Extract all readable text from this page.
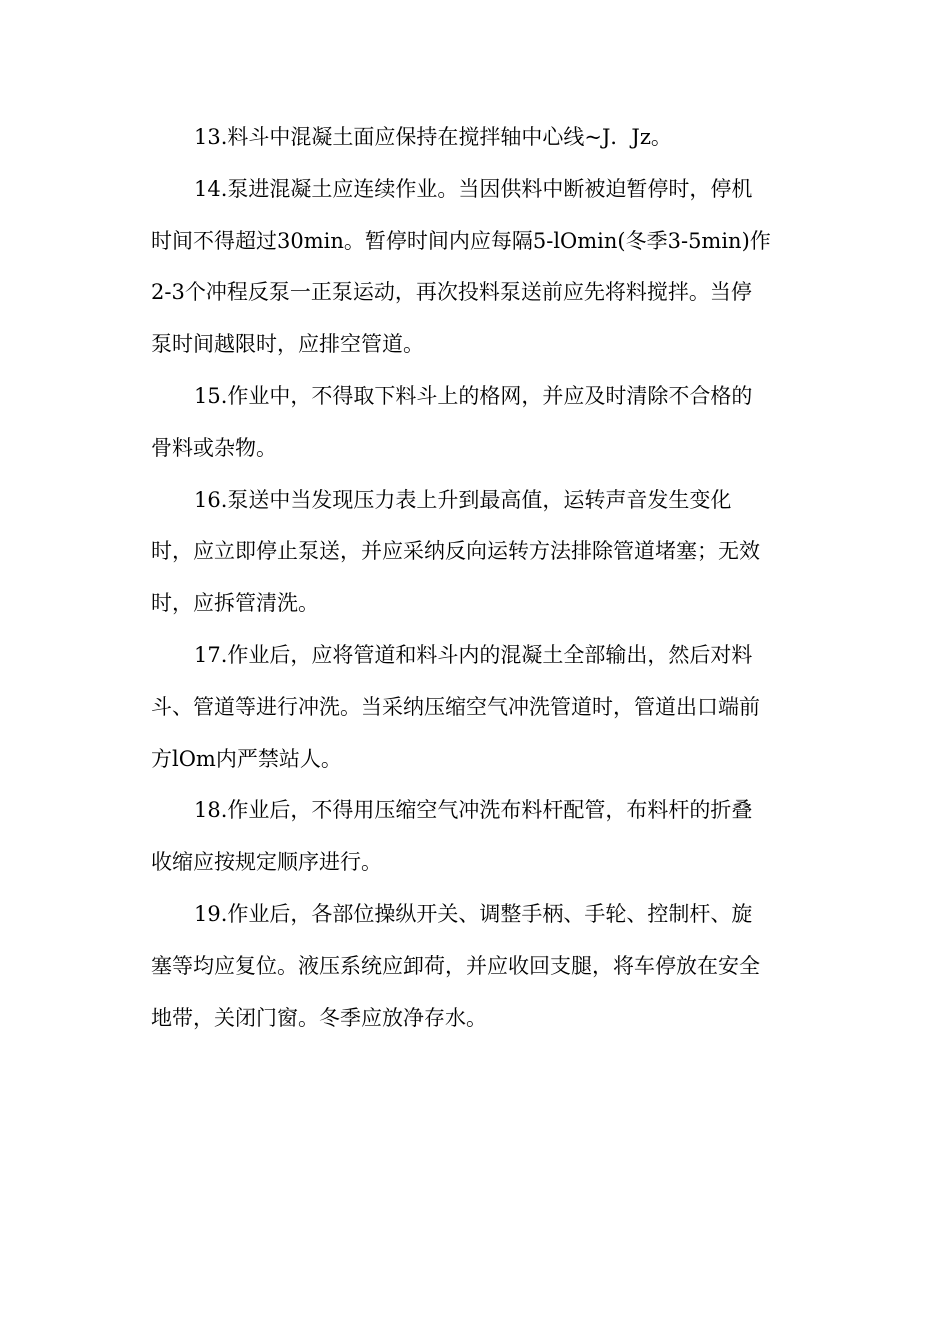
13.料斗中混凝土面应保持在搅拌轴中心线~J．Jz。
14.泵进混凝土应连续作业。当因供料中断被迫暂停时，停机
时间不得超过30min。暂停时间内应每隔5-lOmin(冬季3-5min)作
2-3个冲程反泵一正泵运动，再次投料泵送前应先将料搅拌。当停
泵时间越限时，应排空管道。
15.作业中，不得取下料斗上的格网，并应及时清除不合格的
骨料或杂物。
16.泵送中当发现压力表上升到最高值，运转声音发生变化
时，应立即停止泵送，并应采纳反向运转方法排除管道堵塞；无效
时，应拆管清洗。
17.作业后，应将管道和料斗内的混凝土全部输出，然后对料
斗、管道等进行冲洗。当采纳压缩空气冲洗管道时，管道出口端前
方lOm内严禁站人。
18.作业后，不得用压缩空气冲洗布料杆配管，布料杆的折叠
收缩应按规定顺序进行。
19.作业后，各部位操纵开关、调整手柄、手轮、控制杆、旋
塞等均应复位。液压系统应卸荷，并应收回支腿，将车停放在安全
地带，关闭门窗。冬季应放净存水。
